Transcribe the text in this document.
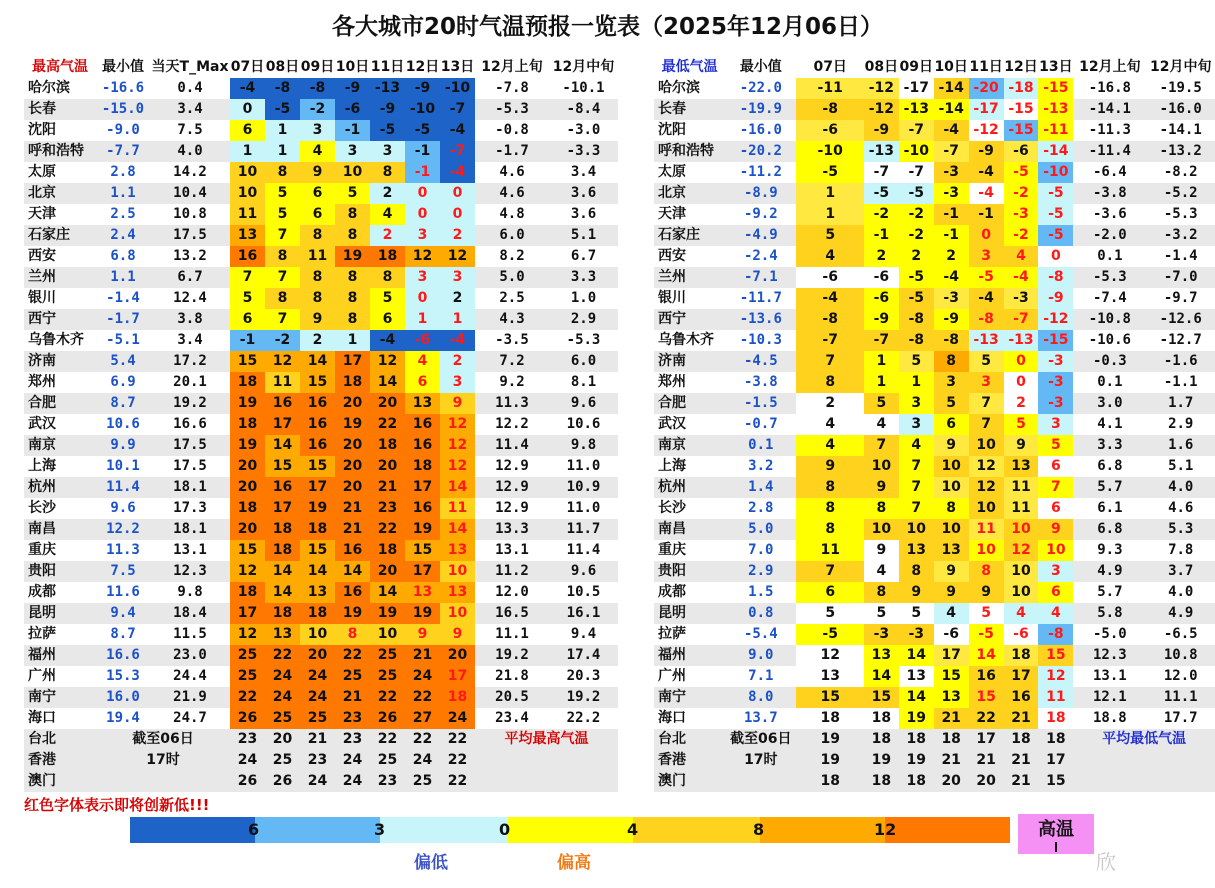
各大城市20时气温预报一览表（2025年12月06日）
最高气温	最小值	当天T_Max	07日	08日	09日	10日	11日	12日	13日	12月上旬	12月中旬
哈尔滨	-16.6	0.4	-4	-8	-8	-9	-13	-9	-10	-7.8	-10.1
长春	-15.0	3.4	0	-5	-2	-6	-9	-10	-7	-5.3	-8.4
沈阳	-9.0	7.5	6	1	3	-1	-5	-5	-4	-0.8	-3.0
呼和浩特	-7.7	4.0	1	1	4	3	3	-1	-7	-1.7	-3.3
太原	2.8	14.2	10	8	9	10	8	-1	-4	4.6	3.4
北京	1.1	10.4	10	5	6	5	2	0	0	4.6	3.6
天津	2.5	10.8	11	5	6	8	4	0	0	4.8	3.6
石家庄	2.4	17.5	13	7	8	8	2	3	2	6.0	5.1
西安	6.8	13.2	16	8	11	19	18	12	12	8.2	6.7
兰州	1.1	6.7	7	7	8	8	8	3	3	5.0	3.3
银川	-1.4	12.4	5	8	8	8	5	0	2	2.5	1.0
西宁	-1.7	3.8	6	7	9	8	6	1	1	4.3	2.9
乌鲁木齐	-5.1	3.4	-1	-2	2	1	-4	-6	-4	-3.5	-5.3
济南	5.4	17.2	15	12	14	17	12	4	2	7.2	6.0
郑州	6.9	20.1	18	11	15	18	14	6	3	9.2	8.1
合肥	8.7	19.2	19	16	16	20	20	13	9	11.3	9.6
武汉	10.6	16.6	18	17	16	19	22	16	12	12.2	10.6
南京	9.9	17.5	19	14	16	20	18	16	12	11.4	9.8
上海	10.1	17.5	20	15	15	20	20	18	12	12.9	11.0
杭州	11.4	18.1	20	16	17	20	21	17	14	12.9	10.9
长沙	9.6	17.3	18	17	19	21	23	16	11	12.9	11.0
南昌	12.2	18.1	20	18	18	21	22	19	14	13.3	11.7
重庆	11.3	13.1	15	18	15	16	18	15	13	13.1	11.4
贵阳	7.5	12.3	12	14	14	14	20	17	10	11.2	9.6
成都	11.6	9.8	18	14	13	16	14	13	13	12.0	10.5
昆明	9.4	18.4	17	18	18	19	19	19	10	16.5	16.1
拉萨	8.7	11.5	12	13	10	8	10	9	9	11.1	9.4
福州	16.6	23.0	25	22	20	22	25	21	20	19.2	17.4
广州	15.3	24.4	25	24	24	25	25	24	17	21.8	20.3
南宁	16.0	21.9	22	24	24	21	22	22	18	20.5	19.2
海口	19.4	24.7	26	25	25	23	26	27	24	23.4	22.2
台北	截至06日		23	20	21	23	22	22	22	平均最高气温	
香港	17时		24	25	23	24	25	24	22		
澳门			26	26	24	24	23	25	22		
最低气温	最小值	07日	08日	09日	10日	11日	12日	13日	12月上旬	12月中旬
哈尔滨	-22.0	-11	-12	-17	-14	-20	-18	-15	-16.8	-19.5
长春	-19.9	-8	-12	-13	-14	-17	-15	-13	-14.1	-16.0
沈阳	-16.0	-6	-9	-7	-4	-12	-15	-11	-11.3	-14.1
呼和浩特	-20.2	-10	-13	-10	-7	-9	-6	-14	-11.4	-13.2
太原	-11.2	-5	-7	-7	-3	-4	-5	-10	-6.4	-8.2
北京	-8.9	1	-5	-5	-3	-4	-2	-5	-3.8	-5.2
天津	-9.2	1	-2	-2	-1	-1	-3	-5	-3.6	-5.3
石家庄	-4.9	5	-1	-2	-1	0	-2	-5	-2.0	-3.2
西安	-2.4	4	2	2	2	3	4	0	0.1	-1.4
兰州	-7.1	-6	-6	-5	-4	-5	-4	-8	-5.3	-7.0
银川	-11.7	-4	-6	-5	-3	-4	-3	-9	-7.4	-9.7
西宁	-13.6	-8	-9	-8	-9	-8	-7	-12	-10.8	-12.6
乌鲁木齐	-10.3	-7	-7	-8	-8	-13	-13	-15	-10.6	-12.7
济南	-4.5	7	1	5	8	5	0	-3	-0.3	-1.6
郑州	-3.8	8	1	1	3	3	0	-3	0.1	-1.1
合肥	-1.5	2	5	3	5	7	2	-3	3.0	1.7
武汉	-0.7	4	4	3	6	7	5	3	4.1	2.9
南京	0.1	4	7	4	9	10	9	5	3.3	1.6
上海	3.2	9	10	7	10	12	13	6	6.8	5.1
杭州	1.4	8	9	7	10	12	11	7	5.7	4.0
长沙	2.8	8	8	7	8	10	11	6	6.1	4.6
南昌	5.0	8	10	10	10	11	10	9	6.8	5.3
重庆	7.0	11	9	13	13	10	12	10	9.3	7.8
贵阳	2.9	7	4	8	9	8	10	3	4.9	3.7
成都	1.5	6	8	9	9	9	10	6	5.7	4.0
昆明	0.8	5	5	5	4	5	4	4	5.8	4.9
拉萨	-5.4	-5	-3	-3	-6	-5	-6	-8	-5.0	-6.5
福州	9.0	12	13	14	17	14	18	15	12.3	10.8
广州	7.1	13	14	13	15	16	17	12	13.1	12.0
南宁	8.0	15	15	14	13	15	16	11	12.1	11.1
海口	13.7	18	18	19	21	22	21	18	18.8	17.7
台北	截至06日	19	18	18	18	17	18	18	平均最低气温	
香港	17时	19	19	19	21	21	21	17		
澳门		18	18	18	20	20	21	15		
红色字体表示即将创新低!!!
6	3	0	4	8	12	高温
偏低	偏高	欣
